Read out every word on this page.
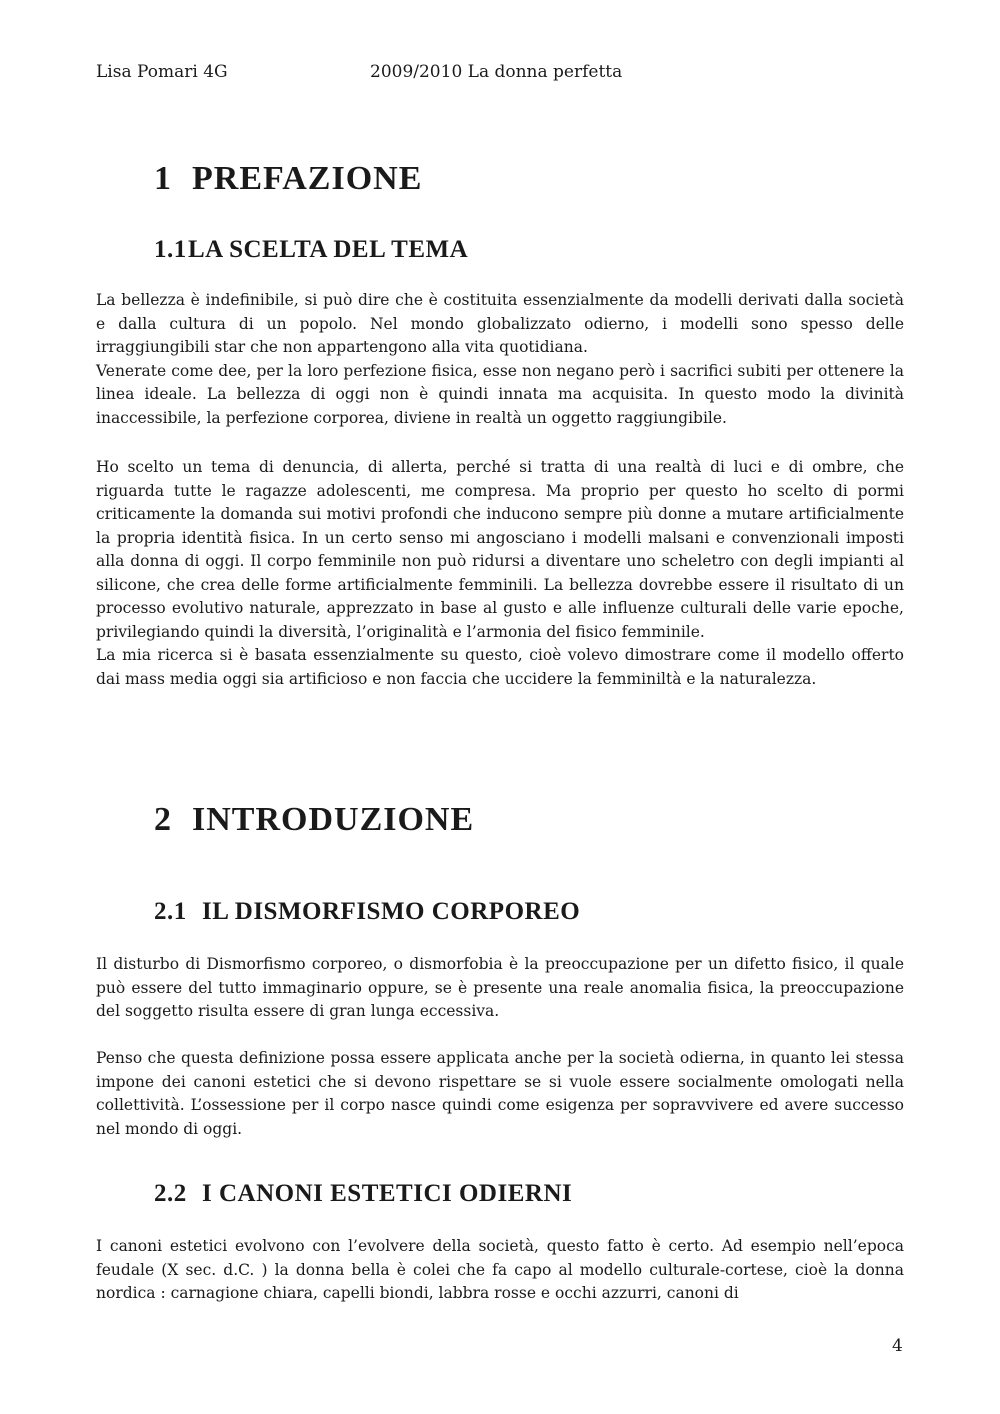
Lisa Pomari 4G	2009/2010 La donna perfetta
1 PREFAZIONE
1.1LA SCELTA DEL TEMA

La bellezza è indefinibile, si può dire che è costituita essenzialmente da modelli derivati dalla società e dalla cultura di un popolo. Nel mondo globalizzato odierno, i modelli sono spesso delle irraggiungibili star che non appartengono alla vita quotidiana.

Venerate come dee, per la loro perfezione fisica, esse non negano però i sacrifici subiti per ottenere la linea ideale. La bellezza di oggi non è quindi innata ma acquisita. In questo modo la divinità inaccessibile, la perfezione corporea, diviene in realtà un oggetto raggiungibile.

Ho scelto un tema di denuncia, di allerta, perché si tratta di una realtà di luci e di ombre, che riguarda tutte le ragazze adolescenti, me compresa. Ma proprio per questo ho scelto di pormi criticamente la domanda sui motivi profondi che inducono sempre più donne a mutare artificialmente la propria identità fisica. In un certo senso mi angosciano i modelli malsani e convenzionali imposti alla donna di oggi. Il corpo femminile non può ridursi a diventare uno scheletro con degli impianti al silicone, che crea delle forme artificialmente femminili. La bellezza dovrebbe essere il risultato di un processo evolutivo naturale, apprezzato in base al gusto e alle influenze culturali delle varie epoche, privilegiando quindi la diversità, l’originalità e l’armonia del fisico femminile.

La mia ricerca si è basata essenzialmente su questo, cioè volevo dimostrare come il modello offerto dai mass media oggi sia artificioso e non faccia che uccidere la femminiltà e la naturalezza.

2 INTRODUZIONE
2.1 IL DISMORFISMO CORPOREO

Il disturbo di Dismorfismo corporeo, o dismorfobia è la preoccupazione per un difetto fisico, il quale può essere del tutto immaginario oppure, se è presente una reale anomalia fisica, la preoccupazione del soggetto risulta essere di gran lunga eccessiva.

Penso che questa definizione possa essere applicata anche per la società odierna, in quanto lei stessa impone dei canoni estetici che si devono rispettare se si vuole essere socialmente omologati nella collettività. L’ossessione per il corpo nasce quindi come esigenza per sopravvivere ed avere successo nel mondo di oggi.

2.2 I CANONI ESTETICI ODIERNI

I canoni estetici evolvono con l’evolvere della società, questo fatto è certo. Ad esempio nell’epoca feudale (X sec. d.C. ) la donna bella è colei che fa capo al modello culturale-cortese, cioè la donna nordica : carnagione chiara, capelli biondi, labbra rosse e occhi azzurri, canoni di

4
